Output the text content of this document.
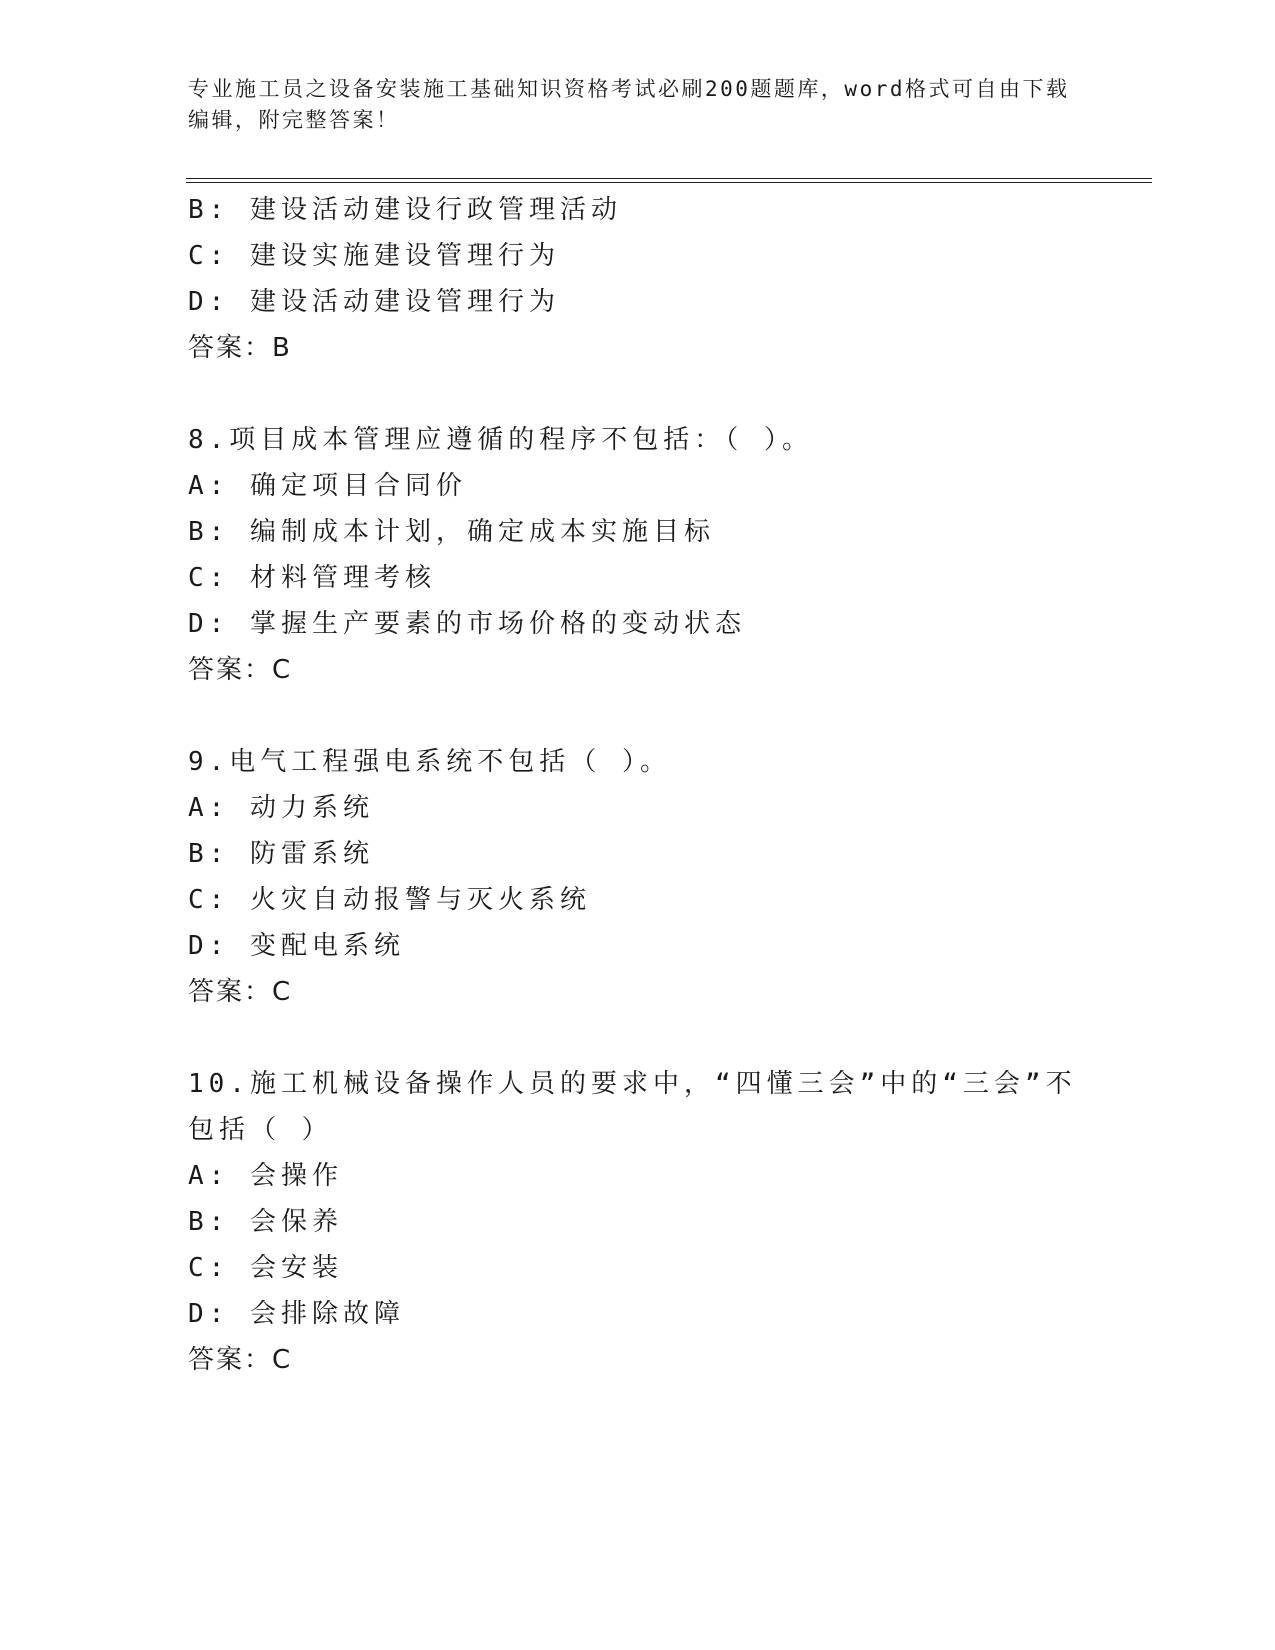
专业施工员之设备安装施工基础知识资格考试必刷200题题库，word格式可自由下载编辑，附完整答案！
B: 建设活动建设行政管理活动
C: 建设实施建设管理行为
D: 建设活动建设管理行为
答案：B
8.项目成本管理应遵循的程序不包括：（ ）。
A: 确定项目合同价
B: 编制成本计划，确定成本实施目标
C: 材料管理考核
D: 掌握生产要素的市场价格的变动状态
答案：C
9.电气工程强电系统不包括（ ）。
A: 动力系统
B: 防雷系统
C: 火灾自动报警与灭火系统
D: 变配电系统
答案：C
10.施工机械设备操作人员的要求中，“四懂三会”中的“三会”不包括（ ）
A: 会操作
B: 会保养
C: 会安装
D: 会排除故障
答案：C
